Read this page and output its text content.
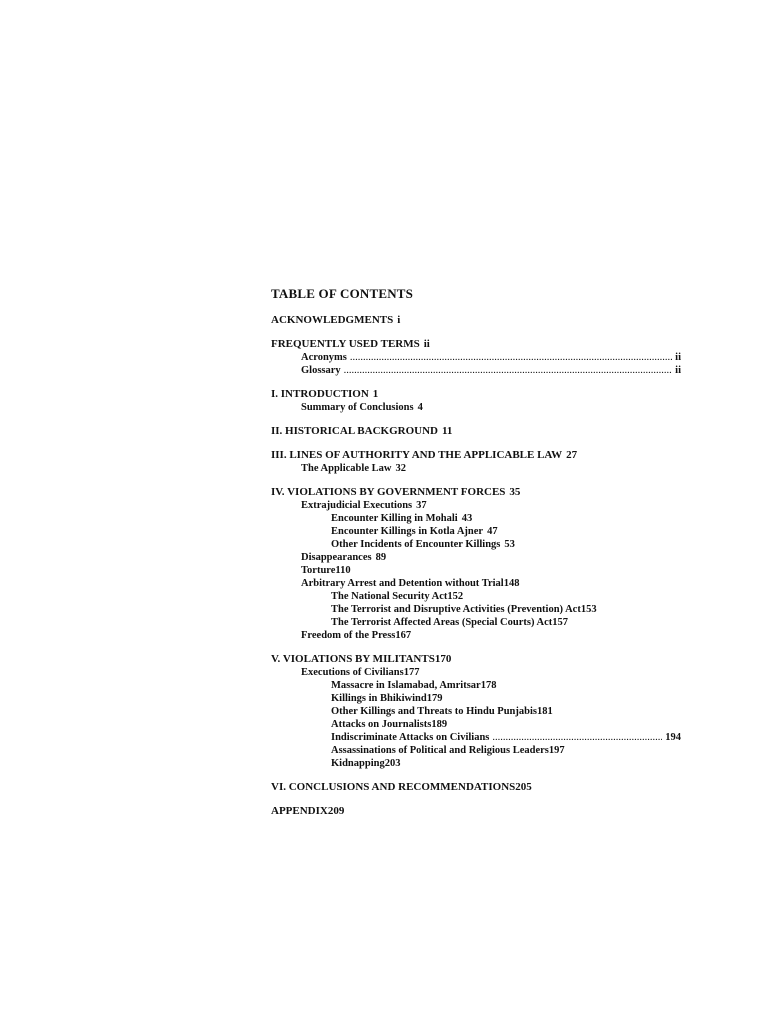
TABLE OF CONTENTS
ACKNOWLEDGMENTS i
FREQUENTLY USED TERMS ii
Acronyms .....	ii
Glossary .....	ii
I. INTRODUCTION 1
Summary of Conclusions 4
II. HISTORICAL BACKGROUND 11
III. LINES OF AUTHORITY AND THE APPLICABLE LAW 27
The Applicable Law 32
IV. VIOLATIONS BY GOVERNMENT FORCES 35
Extrajudicial Executions 37
Encounter Killing in Mohali 43
Encounter Killings in Kotla Ajner 47
Other Incidents of Encounter Killings 53
Disappearances 89
Torture 110
Arbitrary Arrest and Detention without Trial 148
The National Security Act 152
The Terrorist and Disruptive Activities (Prevention) Act 153
The Terrorist Affected Areas (Special Courts) Act 157
Freedom of the Press 167
V. VIOLATIONS BY MILITANTS 170
Executions of Civilians 177
Massacre in Islamabad, Amritsar 178
Killings in Bhikiwind 179
Other Killings and Threats to Hindu Punjabis 181
Attacks on Journalists 189
Indiscriminate Attacks on Civilians .....	194
Assassinations of Political and Religious Leaders 197
Kidnapping 203
VI. CONCLUSIONS AND RECOMMENDATIONS 205
APPENDIX 209
